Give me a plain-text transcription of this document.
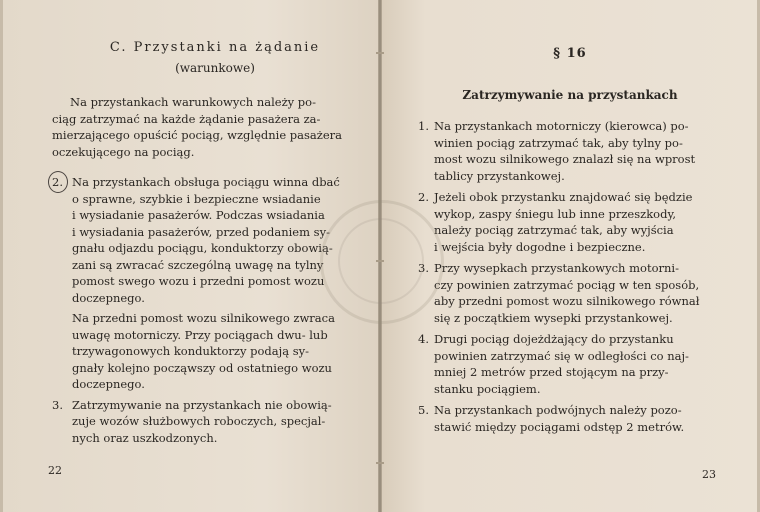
C. Przystanki na żądanie
(warunkowe)

Na przystankach warunkowych należy po-

ciąg zatrzymać na każde żądanie pasażera za-

mierzającego opuścić pociąg, względnie pasażera

oczekującego na pociąg.

2. Na przystankach obsługa pociągu winna dbać

o sprawne, szybkie i bezpieczne wsiadanie

i wysiadanie pasażerów. Podczas wsiadania

i wysiadania pasażerów, przed podaniem sy-

gnału odjazdu pociągu, konduktorzy obowią-

zani są zwracać szczególną uwagę na tylny

pomost swego wozu i przedni pomost wozu

doczepnego.

Na przedni pomost wozu silnikowego zwraca

uwagę motorniczy. Przy pociągach dwu- lub

trzywagonowych konduktorzy podają sy-

gnały kolejno począwszy od ostatniego wozu

doczepnego.

3. Zatrzymywanie na przystankach nie obowią-

zuje wozów służbowych roboczych, specjal-

nych oraz uszkodzonych.

22
§ 16
Zatrzymywanie na przystankach
1. Na przystankach motorniczy (kierowca) po-
winien pociąg zatrzymać tak, aby tylny po-
most wozu silnikowego znalazł się na wprost
tablicy przystankowej.
2. Jeżeli obok przystanku znajdować się będzie
wykop, zaspy śniegu lub inne przeszkody,
należy pociąg zatrzymać tak, aby wyjścia
i wejścia były dogodne i bezpieczne.
3. Przy wysepkach przystankowych motorni-
czy powinien zatrzymać pociąg w ten sposób,
aby przedni pomost wozu silnikowego równał
się z początkiem wysepki przystankowej.
4. Drugi pociąg dojeżdżający do przystanku
powinien zatrzymać się w odległości co naj-
mniej 2 metrów przed stojącym na przy-
stanku pociągiem.
5. Na przystankach podwójnych należy pozo-
stawić między pociągami odstęp 2 metrów.
23
